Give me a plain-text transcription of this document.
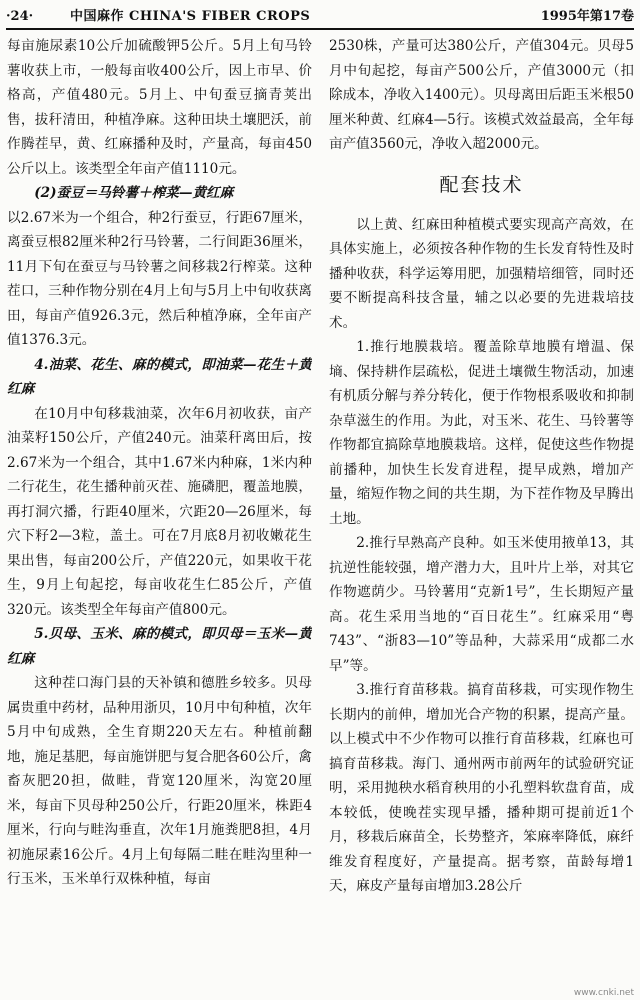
·24·	中国麻作 CHINA'S FIBER CROPS	1995年第17卷

每亩施尿素10公斤加硫酸钾5公斤。5月上旬马铃薯收获上市，一般每亩收400公斤，因上市早、价格高，产值480元。5月上、中旬蚕豆摘青荚出售，拔秆清田，种植净麻。这种田块土壤肥沃，前作腾茬早，黄、红麻播种及时，产量高，每亩450公斤以上。该类型全年亩产值1110元。

(2)蚕豆＝马铃薯＋榨菜—黄红麻

以2.67米为一个组合，种2行蚕豆，行距67厘米，离蚕豆根82厘米种2行马铃薯，二行间距36厘米，11月下旬在蚕豆与马铃薯之间移栽2行榨菜。这种茬口，三种作物分别在4月上旬与5月上中旬收获离田，每亩产值926.3元，然后种植净麻，全年亩产值1376.3元。

4.油菜、花生、麻的模式，即油菜—花生＋黄红麻

在10月中旬移栽油菜，次年6月初收获，亩产油菜籽150公斤，产值240元。油菜秆离田后，按2.67米为一个组合，其中1.67米内种麻，1米内种二行花生，花生播种前灭茬、施磷肥，覆盖地膜，再打洞穴播，行距40厘米，穴距20—26厘米，每穴下籽2—3粒，盖土。可在7月底8月初收嫩花生果出售，每亩200公斤，产值220元，如果收干花生，9月上旬起挖，每亩收花生仁85公斤，产值320元。该类型全年每亩产值800元。

5.贝母、玉米、麻的模式，即贝母＝玉米—黄红麻

这种茬口海门县的天补镇和德胜乡较多。贝母属贵重中药材，品种用浙贝，10月中旬种植，次年5月中旬成熟，全生育期220天左右。种植前翻地，施足基肥，每亩施饼肥与复合肥各60公斤，禽畜灰肥20担，做畦，背宽120厘米，沟宽20厘米，每亩下贝母种250公斤，行距20厘米，株距4厘米，行向与畦沟垂直，次年1月施粪肥8担，4月初施尿素16公斤。4月上旬每隔二畦在畦沟里种一行玉米，玉米单行双株种植，每亩

2530株，产量可达380公斤，产值304元。贝母5月中旬起挖，每亩产500公斤，产值3000元（扣除成本，净收入1400元）。贝母离田后距玉米根50厘米种黄、红麻4—5行。该模式效益最高，全年每亩产值3560元，净收入超2000元。

配套技术

以上黄、红麻田种植模式要实现高产高效，在具体实施上，必须按各种作物的生长发育特性及时播种收获，科学运筹用肥，加强精培细管，同时还要不断提高科技含量，辅之以必要的先进栽培技术。

1.推行地膜栽培。覆盖除草地膜有增温、保墒、保持耕作层疏松，促进土壤微生物活动，加速有机质分解与养分转化，便于作物根系吸收和抑制杂草滋生的作用。为此，对玉米、花生、马铃薯等作物都宜搞除草地膜栽培。这样，促使这些作物提前播种，加快生长发育进程，提早成熟，增加产量，缩短作物之间的共生期，为下茬作物及早腾出土地。

2.推行早熟高产良种。如玉米使用掖单13，其抗逆性能较强，增产潜力大，且叶片上举，对其它作物遮荫少。马铃薯用“克新1号”，生长期短产量高。花生采用当地的“百日花生”。红麻采用“粤743”、“浙83—10”等品种，大蒜采用“成都二水早”等。

3.推行育苗移栽。搞育苗移栽，可实现作物生长期内的前伸，增加光合产物的积累，提高产量。以上模式中不少作物可以推行育苗移栽，红麻也可搞育苗移栽。海门、通州两市前两年的试验研究证明，采用抛秧水稻育秧用的小孔塑料软盘育苗，成本较低，使晚茬实现早播，播种期可提前近1个月，移栽后麻苗全，长势整齐，笨麻率降低，麻纤维发育程度好，产量提高。据考察，苗龄每增1天，麻皮产量每亩增加3.28公斤

www.cnki.net
